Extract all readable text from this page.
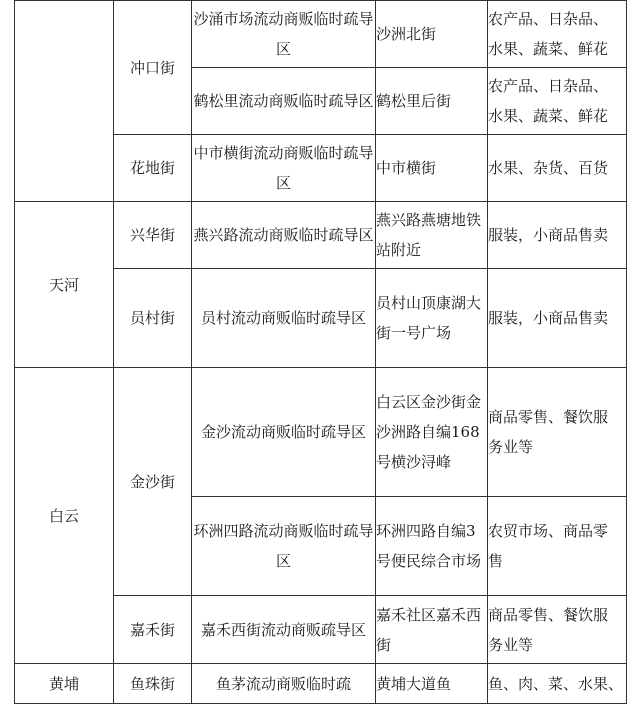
	冲口街	沙涌市场流动商贩临时疏导区	沙洲北街	农产品、日杂品、
水果、蔬菜、鲜花
		鹤松里流动商贩临时疏导区	鹤松里后街	农产品、日杂品、
水果、蔬菜、鲜花
	花地街	中市横街流动商贩临时疏导区	中市横街	水果、杂货、百货
天河	兴华街	燕兴路流动商贩临时疏导区	燕兴路燕塘地铁站附近	服装，小商品售卖
	员村街	员村流动商贩临时疏导区	员村山顶康湖大街一号广场	服装，小商品售卖
白云	金沙街	金沙流动商贩临时疏导区	白云区金沙街金沙洲路自编168号横沙浔峰	商品零售、餐饮服
务业等
		环洲四路流动商贩临时疏导区	环洲四路自编3号便民综合市场	农贸市场、商品零
售
	嘉禾街	嘉禾西街流动商贩疏导区	嘉禾社区嘉禾西街	商品零售、餐饮服
务业等
黄埔	鱼珠街	鱼茅流动商贩临时疏	黄埔大道鱼	鱼、肉、菜、水果、
